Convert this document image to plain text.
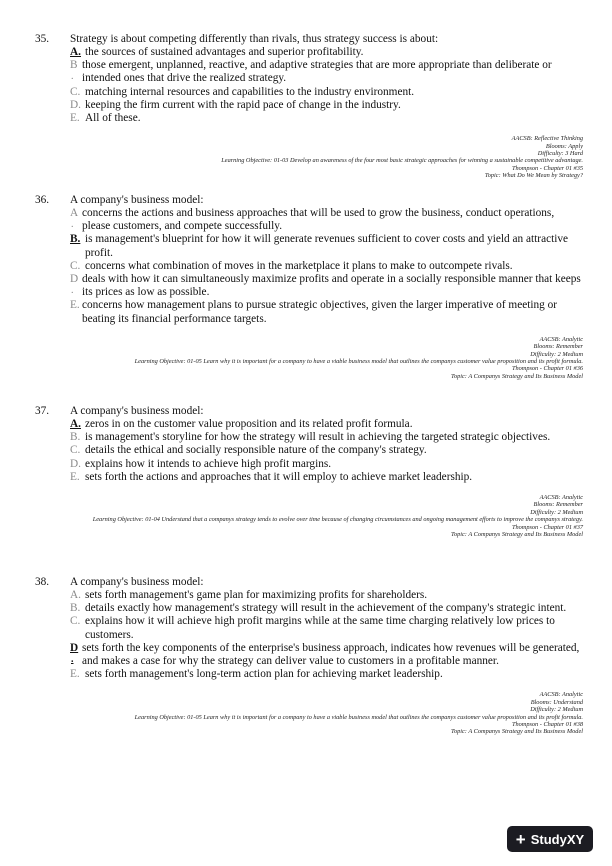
35. Strategy is about competing differently than rivals, thus strategy success is about:
A. the sources of sustained advantages and superior profitability.
B
.
those emergent, unplanned, reactive, and adaptive strategies that are more appropriate than deliberate or intended ones that drive the realized strategy.
C. matching internal resources and capabilities to the industry environment.
D. keeping the firm current with the rapid pace of change in the industry.
E. All of these.
AACSB: Reflective Thinking
Blooms: Apply
Difficulty: 3 Hard
Learning Objective: 01-03 Develop an awareness of the four most basic strategic approaches for winning a sustainable competitive advantage.
Thompson - Chapter 01 #35
Topic: What Do We Mean by Strategy?
36. A company's business model:
A
.
concerns the actions and business approaches that will be used to grow the business, conduct operations, please customers, and compete successfully.
B. is management's blueprint for how it will generate revenues sufficient to cover costs and yield an attractive profit.
C. concerns what combination of moves in the marketplace it plans to make to outcompete rivals.
D
.
deals with how it can simultaneously maximize profits and operate in a socially responsible manner that keeps its prices as low as possible.
E. concerns how management plans to pursue strategic objectives, given the larger imperative of meeting or beating its financial performance targets.
AACSB: Analytic
Blooms: Remember
Difficulty: 2 Medium
Learning Objective: 01-05 Learn why it is important for a company to have a viable business model that outlines the companys customer value proposition and its profit formula.
Thompson - Chapter 01 #36
Topic: A Companys Strategy and Its Business Model
37. A company's business model:
A. zeros in on the customer value proposition and its related profit formula.
B. is management's storyline for how the strategy will result in achieving the targeted strategic objectives.
C. details the ethical and socially responsible nature of the company's strategy.
D. explains how it intends to achieve high profit margins.
E. sets forth the actions and approaches that it will employ to achieve market leadership.
AACSB: Analytic
Blooms: Remember
Difficulty: 2 Medium
Learning Objective: 01-04 Understand that a companys strategy tends to evolve over time because of changing circumstances and ongoing management efforts to improve the companys strategy.
Thompson - Chapter 01 #37
Topic: A Companys Strategy and Its Business Model
38. A company's business model:
A. sets forth management's game plan for maximizing profits for shareholders.
B. details exactly how management's strategy will result in the achievement of the company's strategic intent.
C. explains how it will achieve high profit margins while at the same time charging relatively low prices to customers.
D
.
sets forth the key components of the enterprise's business approach, indicates how revenues will be generated, and makes a case for why the strategy can deliver value to customers in a profitable manner.
E. sets forth management's long-term action plan for achieving market leadership.
AACSB: Analytic
Blooms: Understand
Difficulty: 2 Medium
Learning Objective: 01-05 Learn why it is important for a company to have a viable business model that outlines the companys customer value proposition and its profit formula.
Thompson - Chapter 01 #38
Topic: A Companys Strategy and Its Business Model
+ StudyXY
